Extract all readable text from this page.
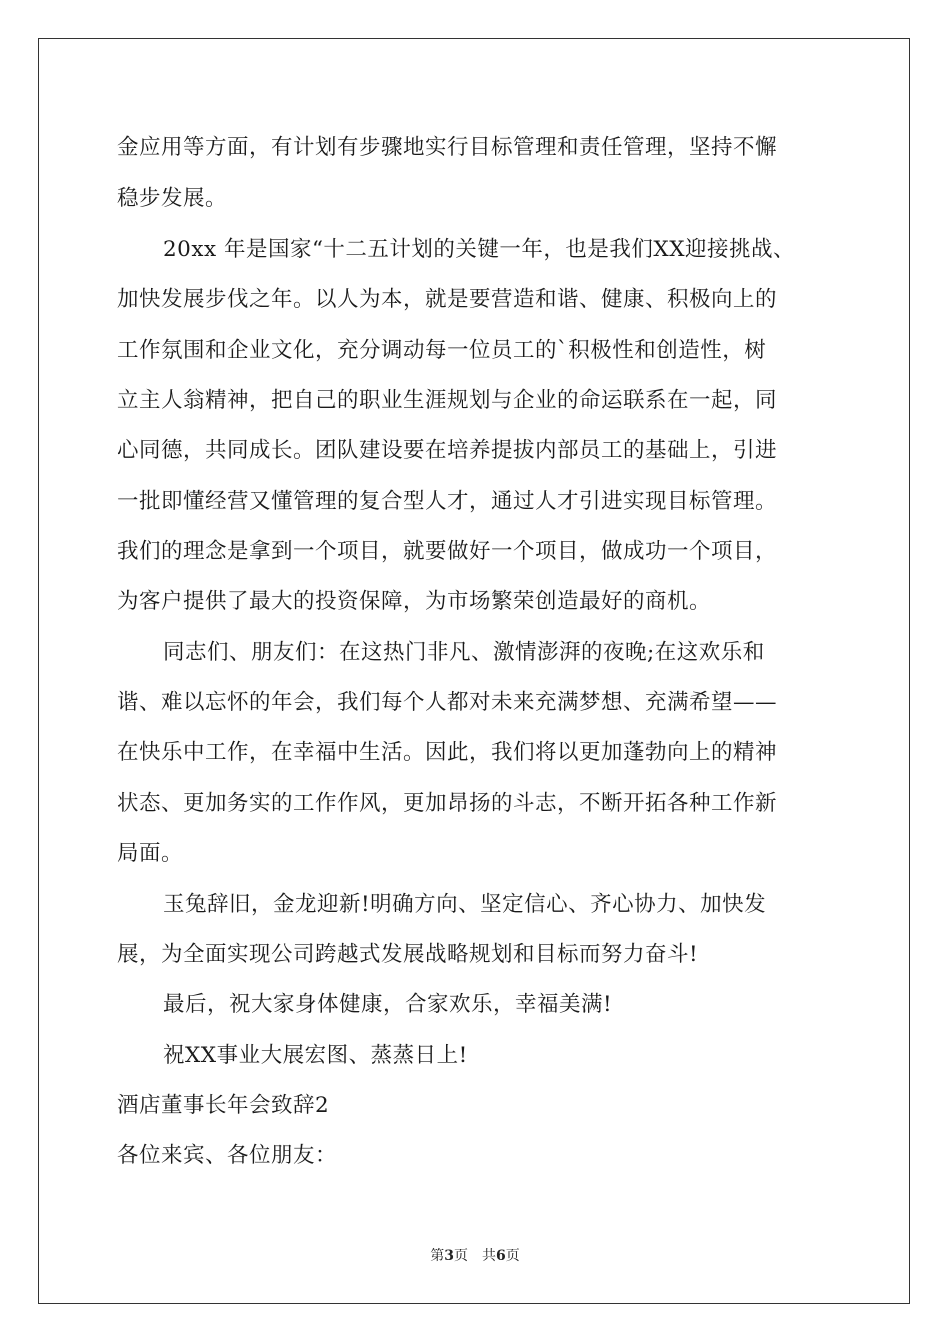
金应用等方面，有计划有步骤地实行目标管理和责任管理，坚持不懈
稳步发展。
20xx 年是国家“十二五计划的关键一年，也是我们XX迎接挑战、
加快发展步伐之年。以人为本，就是要营造和谐、健康、积极向上的
工作氛围和企业文化，充分调动每一位员工的`积极性和创造性，树
立主人翁精神，把自己的职业生涯规划与企业的命运联系在一起，同
心同德，共同成长。团队建设要在培养提拔内部员工的基础上，引进
一批即懂经营又懂管理的复合型人才，通过人才引进实现目标管理。
我们的理念是拿到一个项目，就要做好一个项目，做成功一个项目，
为客户提供了最大的投资保障，为市场繁荣创造最好的商机。
同志们、朋友们：在这热门非凡、激情澎湃的夜晚;在这欢乐和
谐、难以忘怀的年会，我们每个人都对未来充满梦想、充满希望——
在快乐中工作，在幸福中生活。因此，我们将以更加蓬勃向上的精神
状态、更加务实的工作作风，更加昂扬的斗志，不断开拓各种工作新
局面。
玉兔辞旧，金龙迎新!明确方向、坚定信心、齐心协力、加快发
展，为全面实现公司跨越式发展战略规划和目标而努力奋斗!
最后，祝大家身体健康，合家欢乐，幸福美满!
祝XX事业大展宏图、蒸蒸日上!
酒店董事长年会致辞2
各位来宾、各位朋友：
第3页　共6页
